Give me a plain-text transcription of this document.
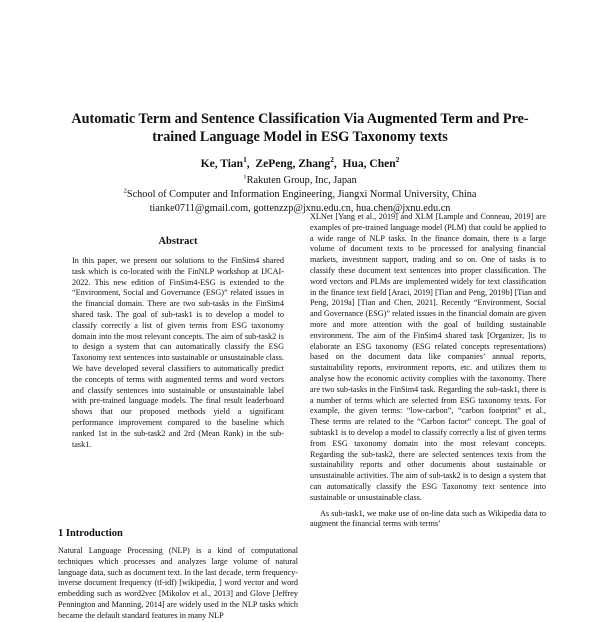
Automatic Term and Sentence Classification Via Augmented Term and Pre-trained Language Model in ESG Taxonomy texts
Ke, Tian$^1$,  ZePeng, Zhang$^2$,  Hua, Chen$^2$
$^1$Rakuten Group, Inc, Japan
$^2$School of Computer and Information Engineering, Jiangxi Normal University, China
tianke0711@gmail.com, gottenzzp@jxnu.edu.cn, hua.chen@jxnu.edu.cn
Abstract
In this paper, we present our solutions to the FinSim4 shared task which is co-located with the FinNLP workshop at IJCAI-2022. This new edition of FinSim4-ESG is extended to the “Environment, Social and Governance (ESG)” related issues in the financial domain. There are two sub-tasks in the FinSim4 shared task. The goal of sub-task1 is to develop a model to classify correctly a list of given terms from ESG taxonomy domain into the most relevant concepts. The aim of sub-task2 is to design a system that can automatically classify the ESG Taxonomy text sentences into sustainable or unsustainable class. We have developed several classifiers to automatically predict the concepts of terms with augmented terms and word vectors and classify sentences into sustainable or unsustainable label with pre-trained language models. The final result leaderboard shows that our proposed methods yield a significant performance improvement compared to the baseline which ranked 1st in the sub-task2 and 2rd (Mean Rank) in the sub-task1.
1 Introduction
Natural Language Processing (NLP) is a kind of computational techniques which processes and analyzes large volume of natural language data, such as document text. In the last decade, term frequency-inverse document frequency (tf-idf) [wikipedia, ] word vector and word embedding such as word2vec [Mikolov et al., 2013] and Glove [Jeffrey Pennington and Manning, 2014] are widely used in the NLP tasks which became the default standard features in many NLP

XLNet [Yang et al., 2019] and XLM [Lample and Conneau, 2019] are examples of pre-trained language model (PLM) that could be applied to a wide range of NLP tasks. In the finance domain, there is a large volume of document texts to be processed for analysing financial markets, investment support, trading and so on. One of tasks is to classify these document text sentences into proper classification. The word vectors and PLMs are implemented widely for text classification in the finance text field [Araci, 2019] [Tian and Peng, 2019b] [Tian and Peng, 2019a] [Tian and Chen, 2021]. Recently “Environment, Social and Governance (ESG)” related issues in the financial domain are given more and more attention with the goal of building sustainable environment. The aim of the FinSim4 shared task [Organizer, ]is to elaborate an ESG taxonomy (ESG related concepts representations) based on the document data like companies’ annual reports, sustainability reports, environment reports, etc. and utilizes them to analyse how the economic activity complies with the taxonomy. There are two sub-tasks in the FinSim4 task. Regarding the sub-task1, there is a number of terms which are selected from ESG taxonomy texts. For example, the given terms: “low-carbon”, “carbon footprint” et al., These terms are related to the “Carbon factor” concept. The goal of subtask1 is to develop a model to classify correctly a list of given terms from ESG taxonomy domain into the most relevant concepts. Regarding the sub-task2, there are selected sentences texts from the sustainability reports and other documents about sustainable or unsustainable activities. The aim of sub-task2 is to design a system that can automatically classify the ESG Taxonomy text sentence into sustainable or unsustainable class.

As sub-task1, we make use of on-line data such as Wikipedia data to augment the financial terms with terms’
